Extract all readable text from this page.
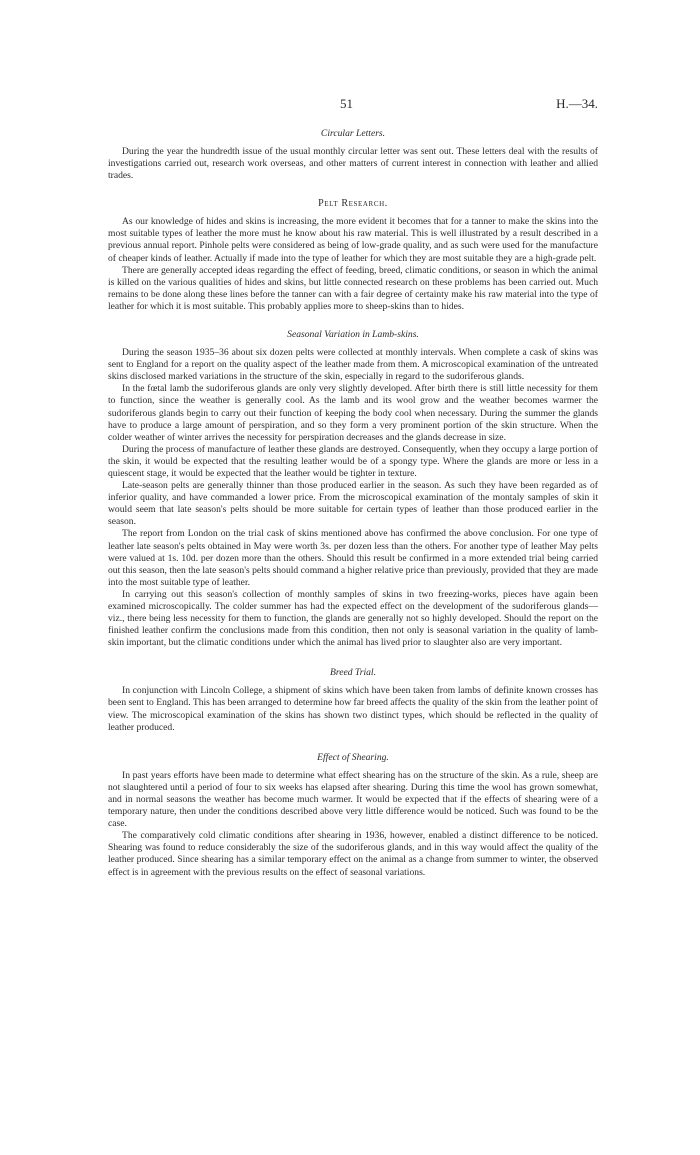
51	H.—34.
Circular Letters.

During the year the hundredth issue of the usual monthly circular letter was sent out. These letters deal with the results of investigations carried out, research work overseas, and other matters of current interest in connection with leather and allied trades.

Pelt Research.

As our knowledge of hides and skins is increasing, the more evident it becomes that for a tanner to make the skins into the most suitable types of leather the more must he know about his raw material. This is well illustrated by a result described in a previous annual report. Pinhole pelts were considered as being of low-grade quality, and as such were used for the manufacture of cheaper kinds of leather. Actually if made into the type of leather for which they are most suitable they are a high-grade pelt.

There are generally accepted ideas regarding the effect of feeding, breed, climatic conditions, or season in which the animal is killed on the various qualities of hides and skins, but little connected research on these problems has been carried out. Much remains to be done along these lines before the tanner can with a fair degree of certainty make his raw material into the type of leather for which it is most suitable. This probably applies more to sheep-skins than to hides.

Seasonal Variation in Lamb-skins.

During the season 1935–36 about six dozen pelts were collected at monthly intervals. When complete a cask of skins was sent to England for a report on the quality aspect of the leather made from them. A microscopical examination of the untreated skins disclosed marked variations in the structure of the skin, especially in regard to the sudoriferous glands.

In the fœtal lamb the sudoriferous glands are only very slightly developed. After birth there is still little necessity for them to function, since the weather is generally cool. As the lamb and its wool grow and the weather becomes warmer the sudoriferous glands begin to carry out their function of keeping the body cool when necessary. During the summer the glands have to produce a large amount of perspiration, and so they form a very prominent portion of the skin structure. When the colder weather of winter arrives the necessity for perspiration decreases and the glands decrease in size.

During the process of manufacture of leather these glands are destroyed. Consequently, when they occupy a large portion of the skin, it would be expected that the resulting leather would be of a spongy type. Where the glands are more or less in a quiescent stage, it would be expected that the leather would be tighter in texture.

Late-season pelts are generally thinner than those produced earlier in the season. As such they have been regarded as of inferior quality, and have commanded a lower price. From the microscopical examination of the montaly samples of skin it would seem that late season's pelts should be more suitable for certain types of leather than those produced earlier in the season.

The report from London on the trial cask of skins mentioned above has confirmed the above conclusion. For one type of leather late season's pelts obtained in May were worth 3s. per dozen less than the others. For another type of leather May pelts were valued at 1s. 10d. per dozen more than the others. Should this result be confirmed in a more extended trial being carried out this season, then the late season's pelts should command a higher relative price than previously, provided that they are made into the most suitable type of leather.

In carrying out this season's collection of monthly samples of skins in two freezing-works, pieces have again been examined microscopically. The colder summer has had the expected effect on the development of the sudoriferous glands—viz., there being less necessity for them to function, the glands are generally not so highly developed. Should the report on the finished leather confirm the conclusions made from this condition, then not only is seasonal variation in the quality of lamb-skin important, but the climatic conditions under which the animal has lived prior to slaughter also are very important.

Breed Trial.

In conjunction with Lincoln College, a shipment of skins which have been taken from lambs of definite known crosses has been sent to England. This has been arranged to determine how far breed affects the quality of the skin from the leather point of view. The microscopical examination of the skins has shown two distinct types, which should be reflected in the quality of leather produced.

Effect of Shearing.

In past years efforts have been made to determine what effect shearing has on the structure of the skin. As a rule, sheep are not slaughtered until a period of four to six weeks has elapsed after shearing. During this time the wool has grown somewhat, and in normal seasons the weather has become much warmer. It would be expected that if the effects of shearing were of a temporary nature, then under the conditions described above very little difference would be noticed. Such was found to be the case.

The comparatively cold climatic conditions after shearing in 1936, however, enabled a distinct difference to be noticed. Shearing was found to reduce considerably the size of the sudoriferous glands, and in this way would affect the quality of the leather produced. Since shearing has a similar temporary effect on the animal as a change from summer to winter, the observed effect is in agreement with the previous results on the effect of seasonal variations.
